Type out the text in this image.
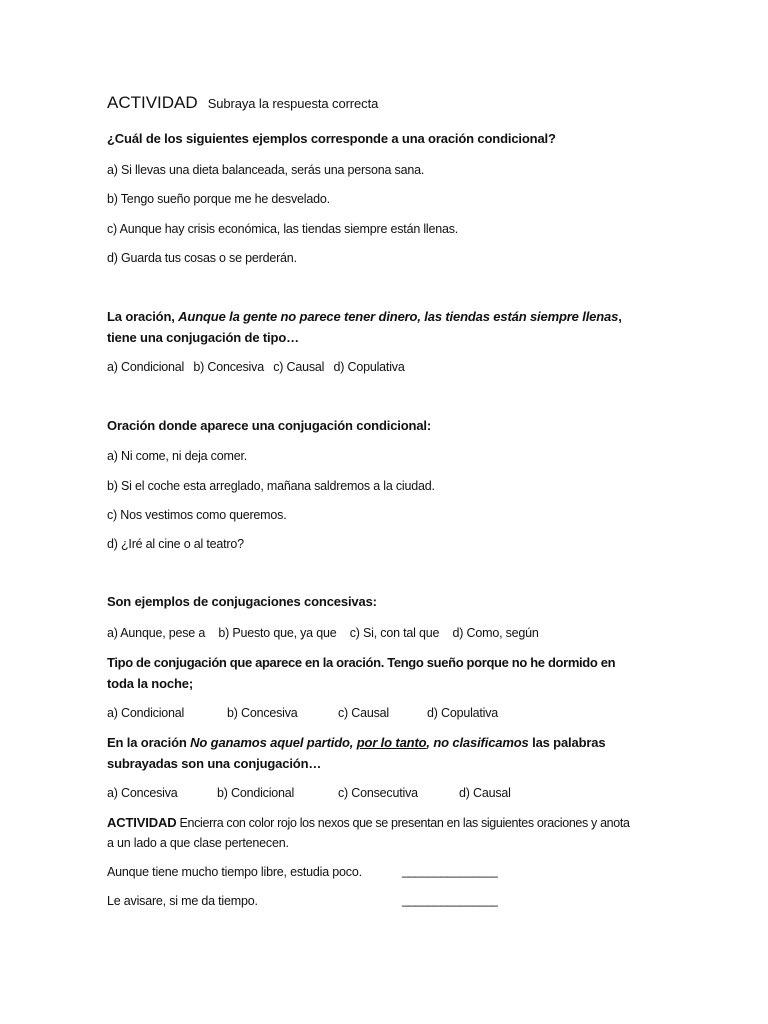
ACTIVIDAD Subraya la respuesta correcta
¿Cuál de los siguientes ejemplos corresponde a una oración condicional?
a) Si llevas una dieta balanceada, serás una persona sana.
b) Tengo sueño porque me he desvelado.
c) Aunque hay crisis económica, las tiendas siempre están llenas.
d) Guarda tus cosas o se perderán.
La oración, Aunque la gente no parece tener dinero, las tiendas están siempre llenas,
tiene una conjugación de tipo…
a) Condicional b) Concesiva c) Causal d) Copulativa
Oración donde aparece una conjugación condicional:
a) Ni come, ni deja comer.
b) Si el coche esta arreglado, mañana saldremos a la ciudad.
c) Nos vestimos como queremos.
d) ¿Iré al cine o al teatro?
Son ejemplos de conjugaciones concesivas:
a) Aunque, pese a b) Puesto que, ya que c) Si, con tal que d) Como, según
Tipo de conjugación que aparece en la oración. Tengo sueño porque no he dormido en
toda la noche;
a) Condicional	b) Concesiva	c) Causal	d) Copulativa
En la oración No ganamos aquel partido, por lo tanto, no clasificamos las palabras
subrayadas son una conjugación…
a) Concesiva	b) Condicional	c) Consecutiva	d) Causal
ACTIVIDAD Encierra con color rojo los nexos que se presentan en las siguientes oraciones y anota
a un lado a que clase pertenecen.
Aunque tiene mucho tiempo libre, estudia poco.	_______________
Le avisare, si me da tiempo.	_______________
